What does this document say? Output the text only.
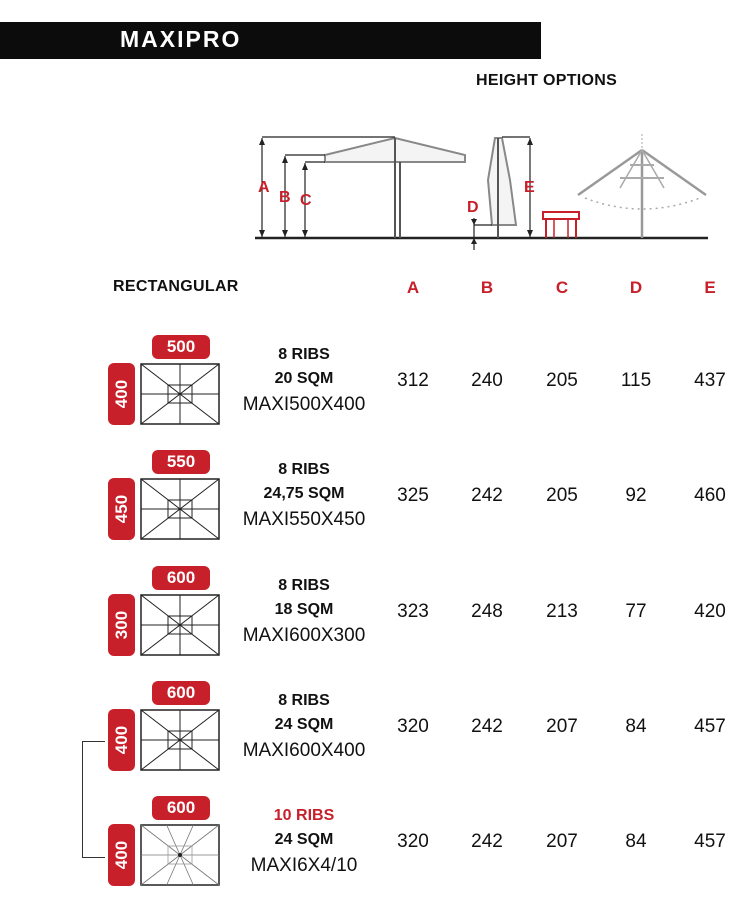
MAXIPRO
HEIGHT OPTIONS
A
B C
E
D
RECTANGULAR	A	B	C	D	E
500
400
8 RIBS
20 SQM
MAXI500X400
312	240	205	115	437
550
450
8 RIBS
24,75 SQM
MAXI550X450
325	242	205	92	460
600
300
8 RIBS
18 SQM
MAXI600X300
323	248	213	77	420
600
400
8 RIBS
24 SQM
MAXI600X400
320	242	207	84	457
600
400
10 RIBS
24 SQM
MAXI6X4/10
320	242	207	84	457
